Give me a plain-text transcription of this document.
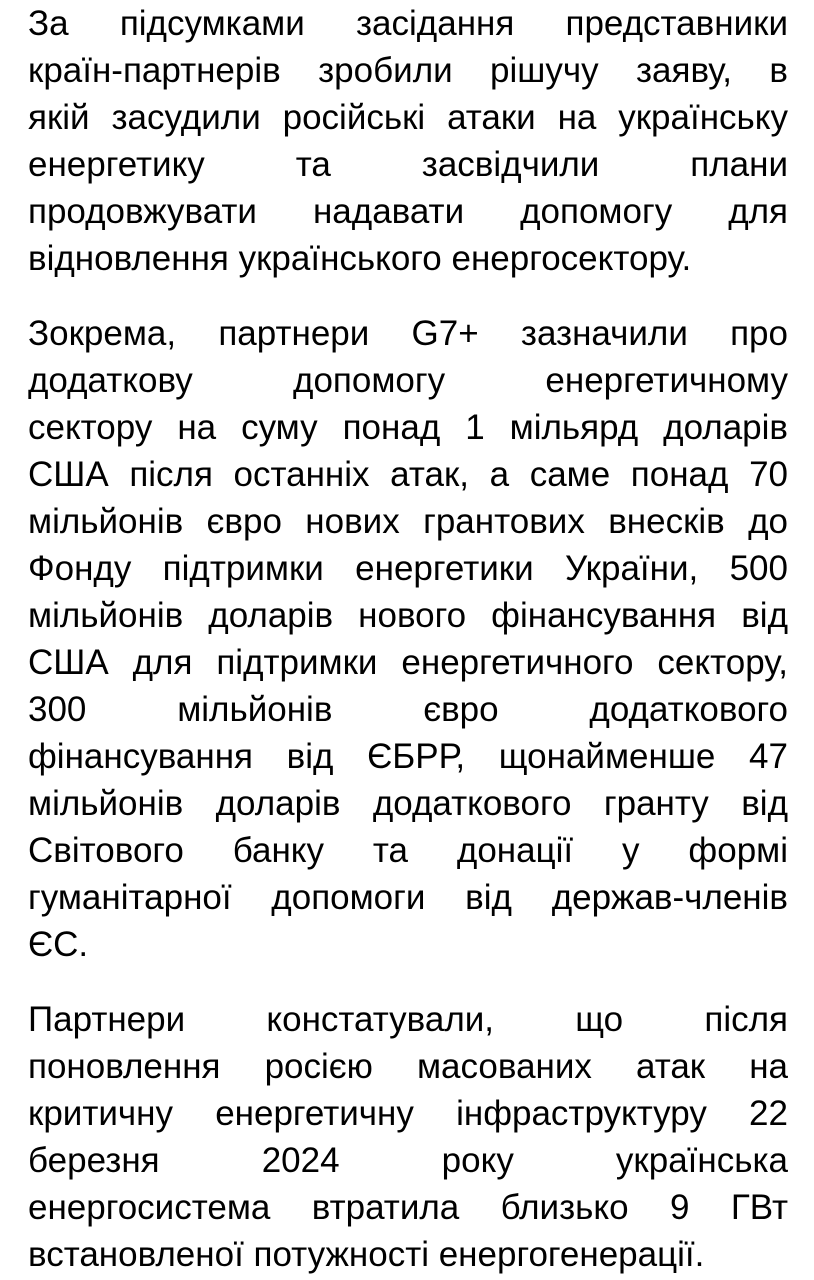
За підсумками засідання представники
країн-партнерів зробили рішучу заяву, в
якій засудили російські атаки на українську
енергетику та засвідчили плани
продовжувати надавати допомогу для
відновлення українського енергосектору.
Зокрема, партнери G7+ зазначили про
додаткову допомогу енергетичному
сектору на суму понад 1 мільярд доларів
США після останніх атак, а саме понад 70
мільйонів євро нових грантових внесків до
Фонду підтримки енергетики України, 500
мільйонів доларів нового фінансування від
США для підтримки енергетичного сектору,
300 мільйонів євро додаткового
фінансування від ЄБРР, щонайменше 47
мільйонів доларів додаткового гранту від
Світового банку та донації у формі
гуманітарної допомоги від держав-членів
ЄС.
Партнери констатували, що після
поновлення росією масованих атак на
критичну енергетичну інфраструктуру 22
березня 2024 року українська
енергосистема втратила близько 9 ГВт
встановленої потужності енергогенерації.
